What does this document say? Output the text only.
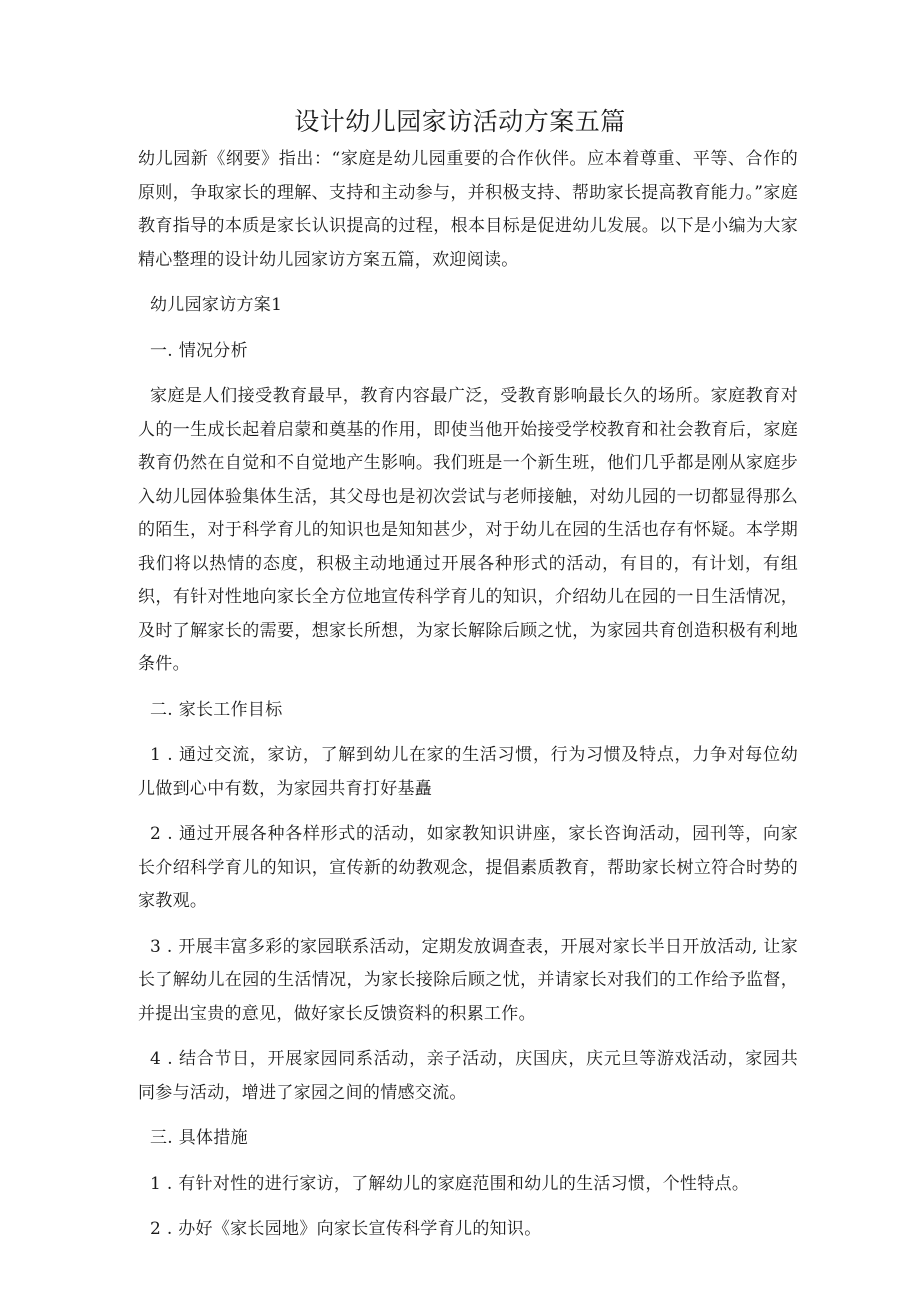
设计幼儿园家访活动方案五篇

幼儿园新《纲要》指出：“家庭是幼儿园重要的合作伙伴。应本着尊重、平等、合作的原则，争取家长的理解、支持和主动参与，并积极支持、帮助家长提高教育能力。”家庭教育指导的本质是家长认识提高的过程，根本目标是促进幼儿发展。以下是小编为大家精心整理的设计幼儿园家访方案五篇，欢迎阅读。

幼儿园家访方案1

一. 情况分析

家庭是人们接受教育最早，教育内容最广泛，受教育影响最长久的场所。家庭教育对人的一生成长起着启蒙和奠基的作用，即使当他开始接受学校教育和社会教育后，家庭教育仍然在自觉和不自觉地产生影响。我们班是一个新生班，他们几乎都是刚从家庭步入幼儿园体验集体生活，其父母也是初次尝试与老师接触，对幼儿园的一切都显得那么的陌生，对于科学育儿的知识也是知知甚少，对于幼儿在园的生活也存有怀疑。本学期我们将以热情的态度，积极主动地通过开展各种形式的活动，有目的，有计划，有组织，有针对性地向家长全方位地宣传科学育儿的知识，介绍幼儿在园的一日生活情况，及时了解家长的需要，想家长所想，为家长解除后顾之忧，为家园共育创造积极有利地条件。

二. 家长工作目标

1 . 通过交流，家访，了解到幼儿在家的生活习惯，行为习惯及特点，力争对每位幼儿做到心中有数，为家园共育打好基矗

2 . 通过开展各种各样形式的活动，如家教知识讲座，家长咨询活动，园刊等，向家长介绍科学育儿的知识，宣传新的幼教观念，提倡素质教育，帮助家长树立符合时势的家教观。

3 . 开展丰富多彩的家园联系活动，定期发放调查表，开展对家长半日开放活动, 让家长了解幼儿在园的生活情况，为家长接除后顾之忧，并请家长对我们的工作给予监督，并提出宝贵的意见，做好家长反馈资料的积累工作。

4 . 结合节日，开展家园同系活动，亲子活动，庆国庆，庆元旦等游戏活动，家园共同参与活动，增进了家园之间的情感交流。

三. 具体措施

1 . 有针对性的进行家访，了解幼儿的家庭范围和幼儿的生活习惯，个性特点。

2 . 办好《家长园地》向家长宣传科学育儿的知识。
